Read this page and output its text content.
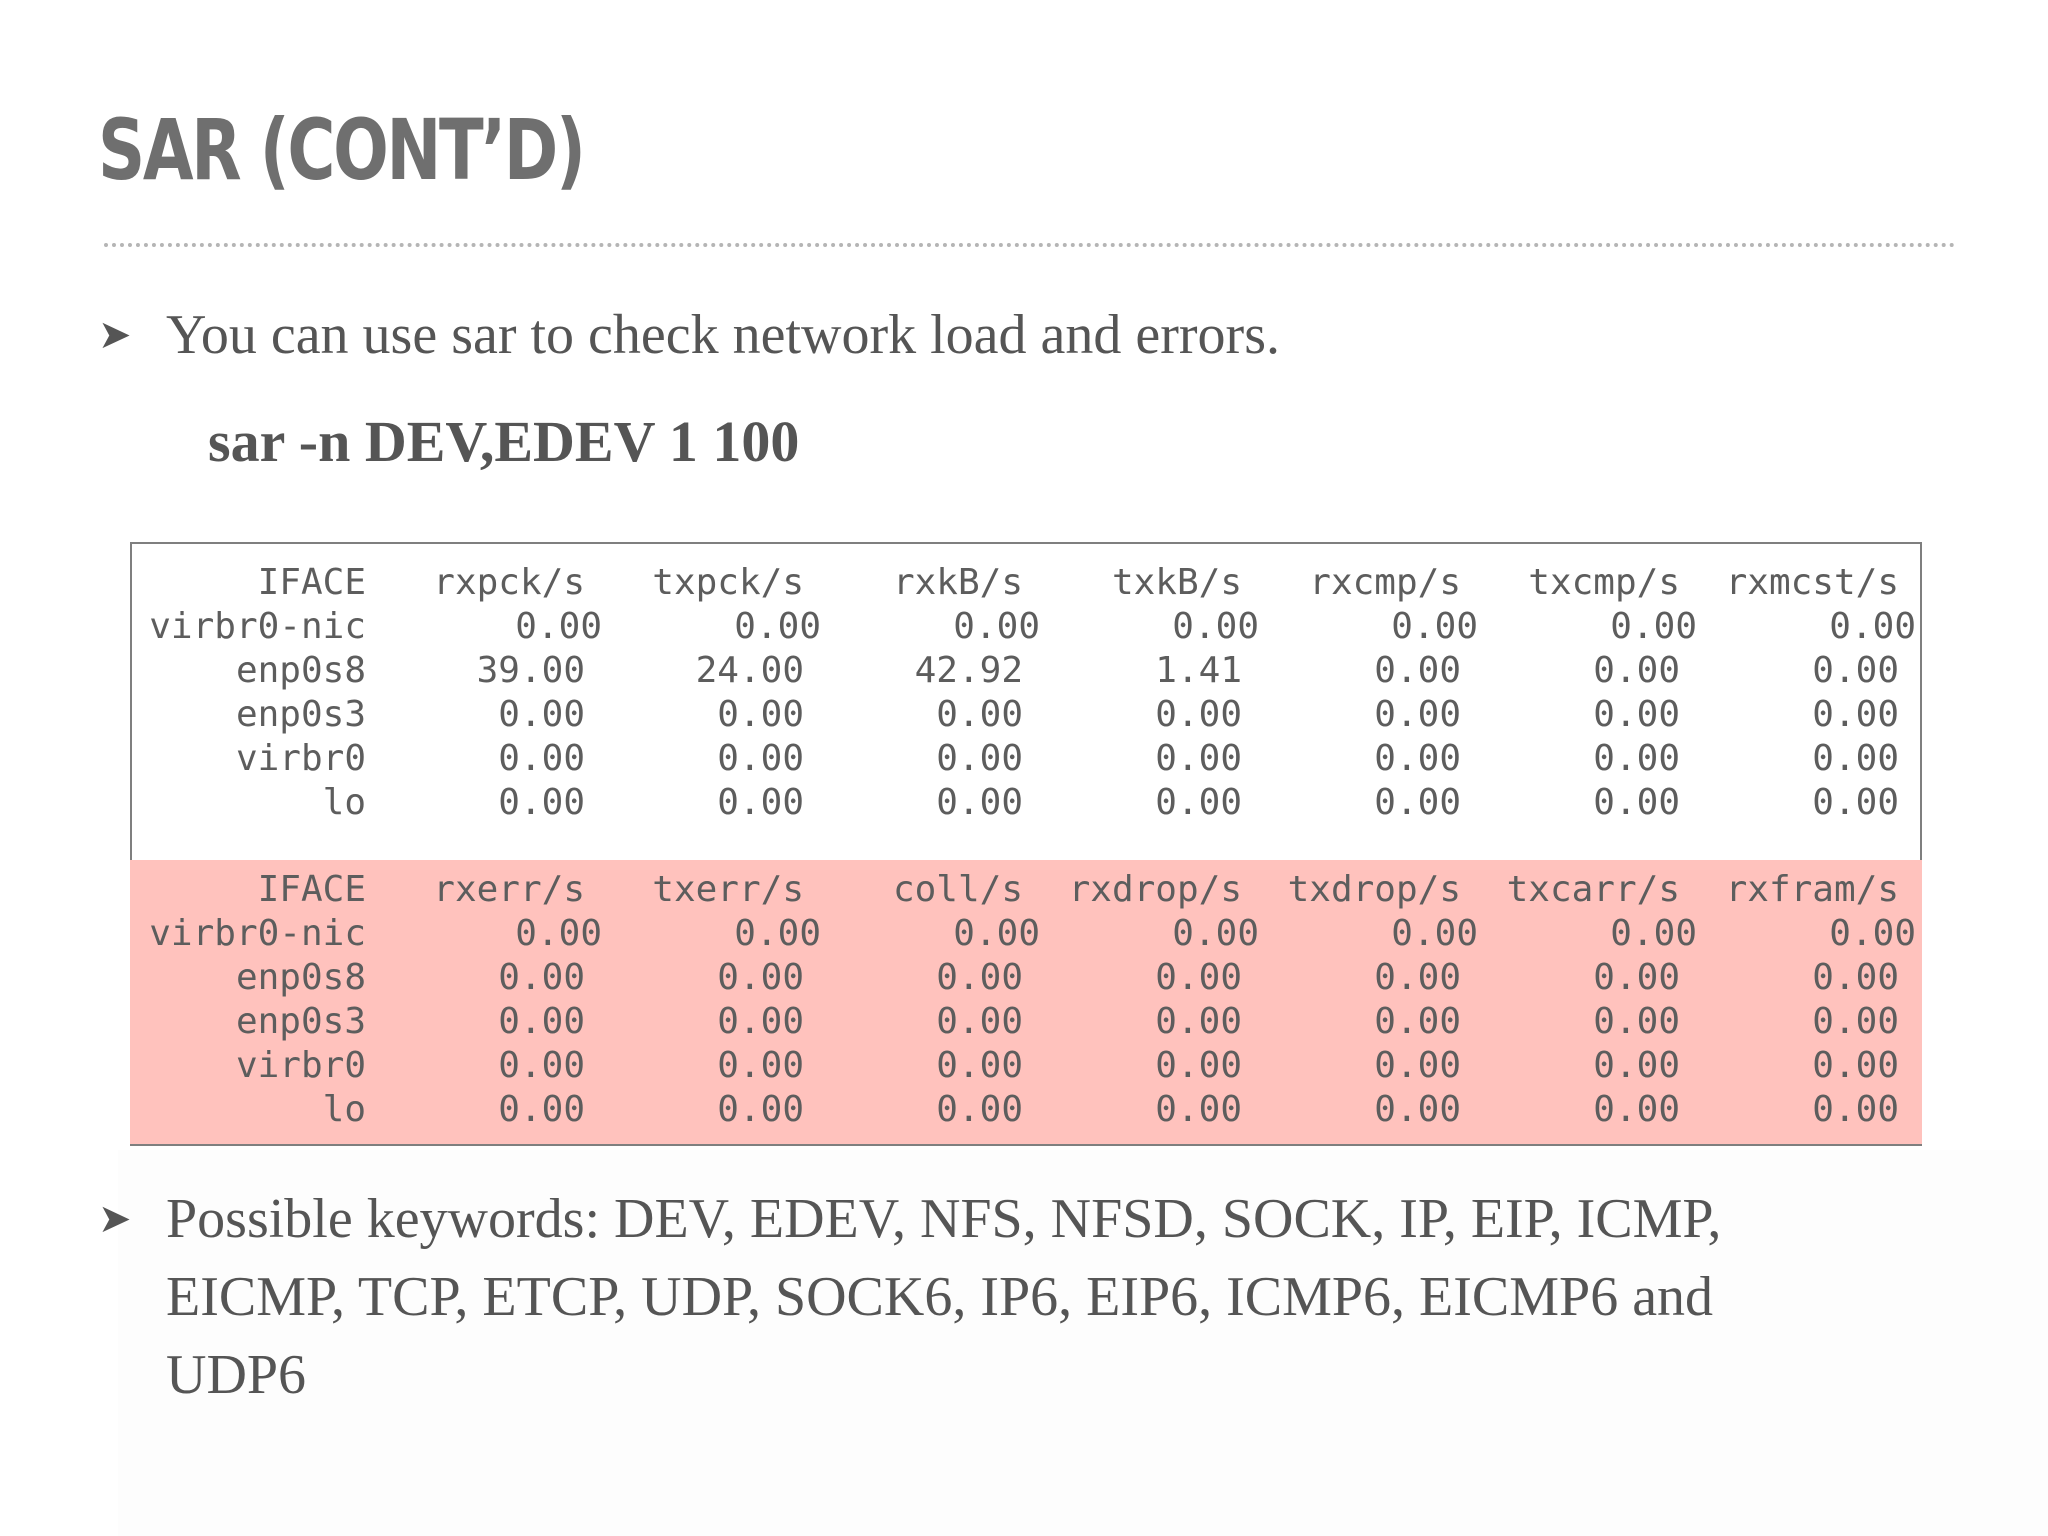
SAR (CONT’D)
➤ You can use sar to check network load and errors.
sar -n DEV,EDEV 1 100
IFACE	rxpck/s	txpck/s	rxkB/s	txkB/s	rxcmp/s	txcmp/s	rxmcst/s
virbr0-nic	0.00	0.00	0.00	0.00	0.00	0.00	0.00
enp0s8	39.00	24.00	42.92	1.41	0.00	0.00	0.00
enp0s3	0.00	0.00	0.00	0.00	0.00	0.00	0.00
virbr0	0.00	0.00	0.00	0.00	0.00	0.00	0.00
lo	0.00	0.00	0.00	0.00	0.00	0.00	0.00
IFACE	rxerr/s	txerr/s	coll/s	rxdrop/s	txdrop/s	txcarr/s	rxfram/s
virbr0-nic	0.00	0.00	0.00	0.00	0.00	0.00	0.00
enp0s8	0.00	0.00	0.00	0.00	0.00	0.00	0.00
enp0s3	0.00	0.00	0.00	0.00	0.00	0.00	0.00
virbr0	0.00	0.00	0.00	0.00	0.00	0.00	0.00
lo	0.00	0.00	0.00	0.00	0.00	0.00	0.00
➤ Possible keywords: DEV, EDEV, NFS, NFSD, SOCK, IP, EIP, ICMP,
EICMP, TCP, ETCP, UDP, SOCK6, IP6, EIP6, ICMP6, EICMP6 and
UDP6
